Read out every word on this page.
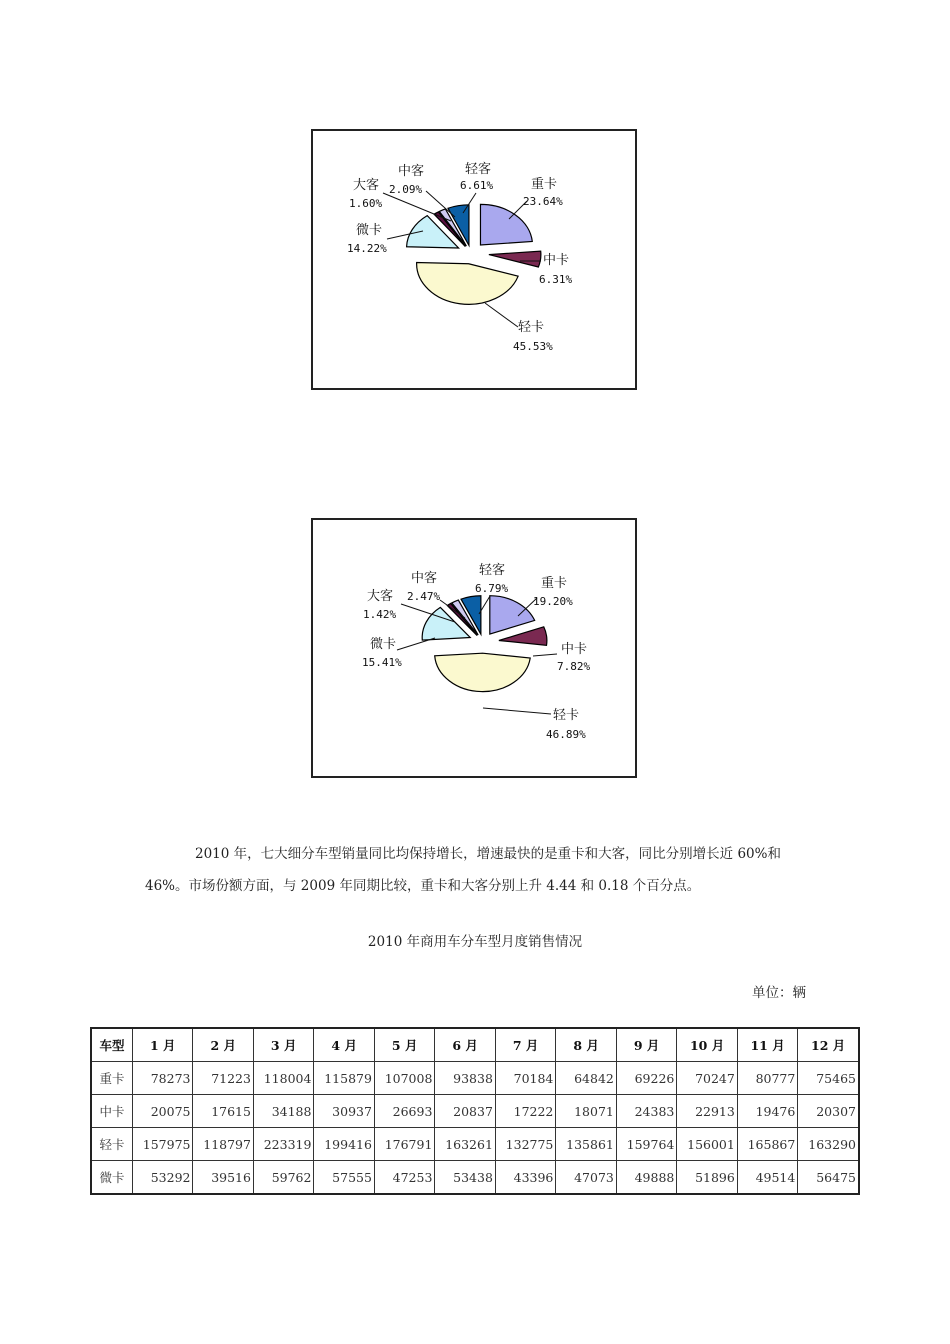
轻客
6.61%	重卡
23.64%
中卡
6.31%
轻卡
45.53%
微卡
14.22%
大客
1.60%
中客
2.09%
轻客
6.79%	重卡
19.20%
中卡
7.82%
轻卡
46.89%
微卡
15.41%
大客
1.42%
中客
2.47%

2010 年，七大细分车型销量同比均保持增长，增速最快的是重卡和大客，同比分别增长近 60%和

46%。市场份额方面，与 2009 年同期比较，重卡和大客分别上升 4.44 和 0.18 个百分点。

2010 年商用车分车型月度销售情况
单位：辆
车型	1 月	2 月	3 月	4 月	5 月	6 月	7 月	8 月	9 月	10 月	11 月	12 月
重卡	78273	71223	118004	115879	107008	93838	70184	64842	69226	70247	80777	75465
中卡	20075	17615	34188	30937	26693	20837	17222	18071	24383	22913	19476	20307
轻卡	157975	118797	223319	199416	176791	163261	132775	135861	159764	156001	165867	163290
微卡	53292	39516	59762	57555	47253	53438	43396	47073	49888	51896	49514	56475
